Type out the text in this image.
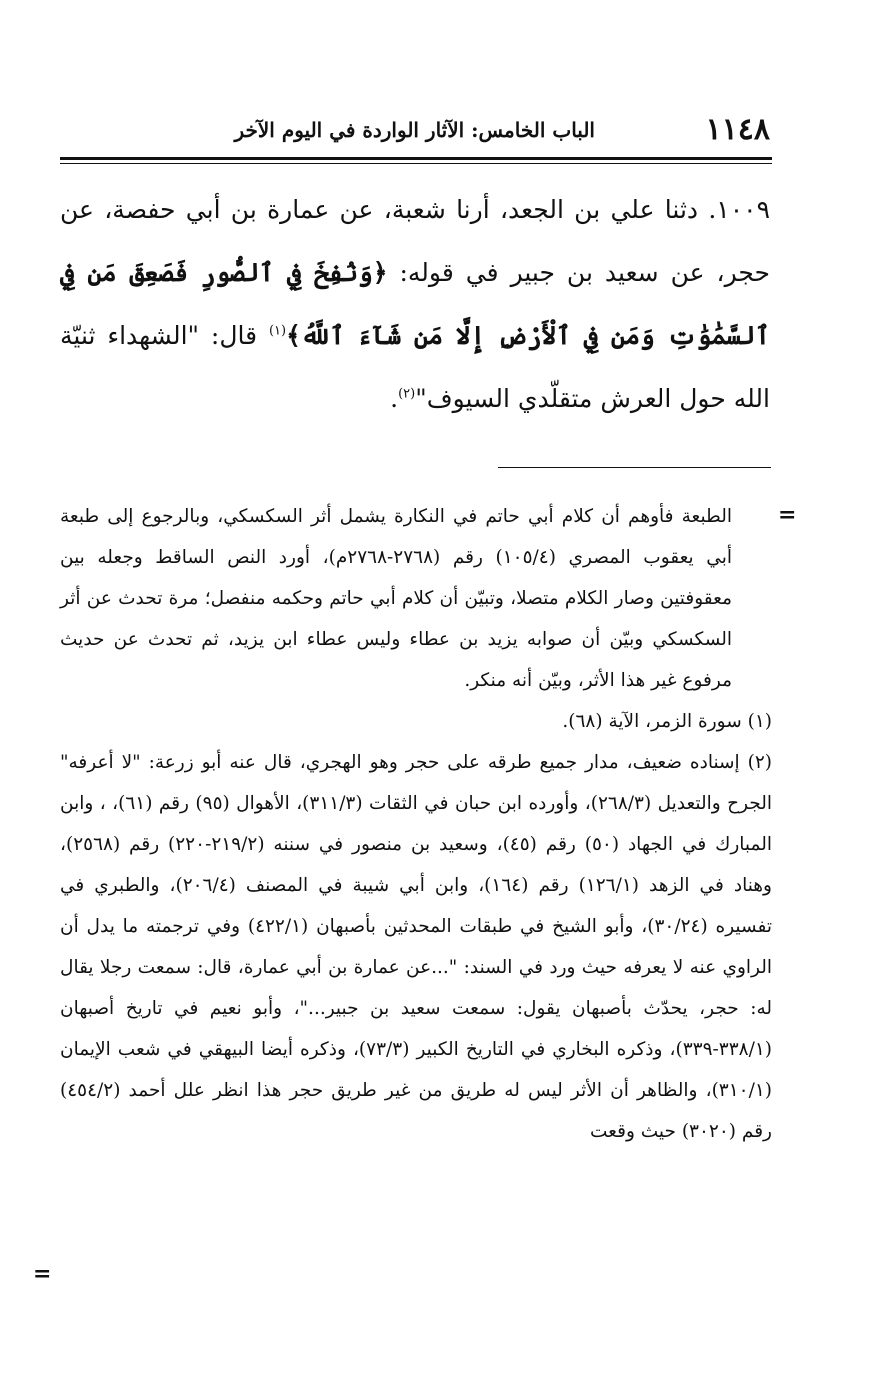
١١٤٨
الباب الخامس: الآثار الواردة في اليوم الآخر

١٠٠٩. دثنا علي بن الجعد، أرنا شعبة، عن عمارة بن أبي حفصة، عن حجر، عن سعيد بن جبير في قوله: ﴿وَنُفِخَ فِي ٱلصُّورِ فَصَعِقَ مَن فِي ٱلسَّمَٰوَٰتِ وَمَن فِي ٱلْأَرْضِ إِلَّا مَن شَآءَ ٱللَّهُ﴾$^{(١)}$ قال: "الشهداء ثنيّة الله حول العرش متقلّدي السيوف"$^{(٢)}$.

=

الطبعة فأوهم أن كلام أبي حاتم في النكارة يشمل أثر السكسكي، وبالرجوع إلى طبعة أبي يعقوب المصري (١٠٥/٤) رقم (٢٧٦٨-٢٧٦٨م)، أورد النص الساقط وجعله بين معقوفتين وصار الكلام متصلا، وتبيّن أن كلام أبي حاتم وحكمه منفصل؛ مرة تحدث عن أثر السكسكي وبيّن أن صوابه يزيد بن عطاء وليس عطاء ابن يزيد، ثم تحدث عن حديث مرفوع غير هذا الأثر، وبيّن أنه منكر.

(١) سورة الزمر، الآية (٦٨).

(٢) إسناده ضعيف، مدار جميع طرقه على حجر وهو الهجري، قال عنه أبو زرعة: "لا أعرفه" الجرح والتعديل (٢٦٨/٣)، وأورده ابن حبان في الثقات (٣١١/٣)، الأهوال (٩٥) رقم (٦١)، ، وابن المبارك في الجهاد (٥٠) رقم (٤٥)، وسعيد بن منصور في سننه (٢١٩/٢-٢٢٠) رقم (٢٥٦٨)، وهناد في الزهد (١٢٦/١) رقم (١٦٤)، وابن أبي شيبة في المصنف (٢٠٦/٤)، والطبري في تفسيره (٣٠/٢٤)، وأبو الشيخ في طبقات المحدثين بأصبهان (٤٢٢/١) وفي ترجمته ما يدل أن الراوي عنه لا يعرفه حيث ورد في السند: "...عن عمارة بن أبي عمارة، قال: سمعت رجلا يقال له: حجر، يحدّث بأصبهان يقول: سمعت سعيد بن جبير..."، وأبو نعيم في تاريخ أصبهان (٣٣٨/١-٣٣٩)، وذكره البخاري في التاريخ الكبير (٧٣/٣)، وذكره أيضا البيهقي في شعب الإيمان (٣١٠/١)، والظاهر أن الأثر ليس له طريق من غير طريق حجر هذا انظر علل أحمد (٤٥٤/٢) رقم (٣٠٢٠) حيث وقعت

=
